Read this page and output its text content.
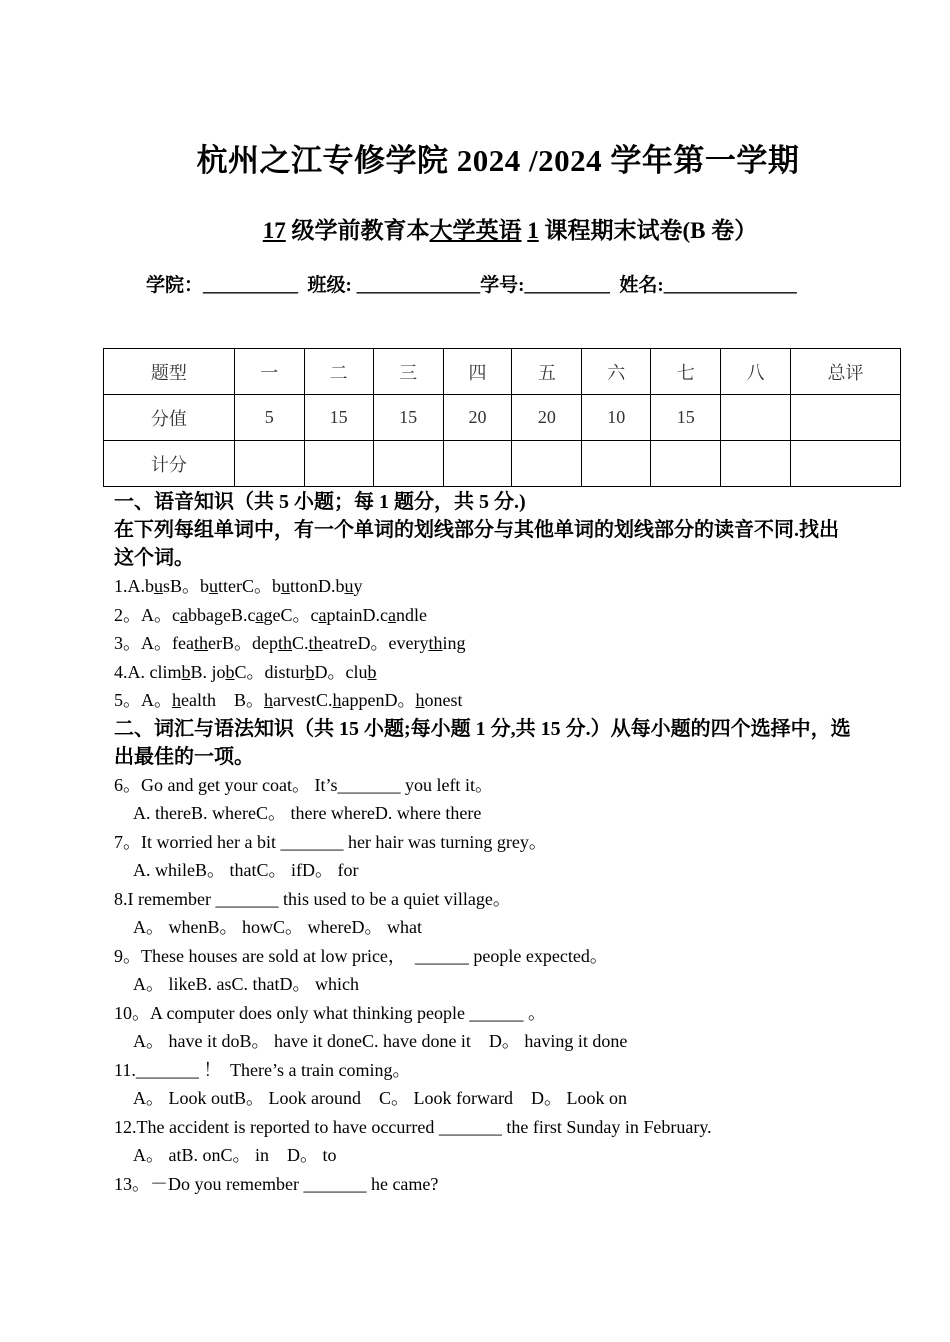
杭州之江专修学院 2024 /2024 学年第一学期
17 级学前教育本大学英语 1 课程期末试卷(B 卷）
学院：__________  班级: _____________学号:_________  姓名:______________
题型	一	二	三	四	五	六	七	八	总评
分值	5	15	15	20	20	10	15		
计分									
一、语音知识（共 5 小题；每 1 题分，共 5 分.)
在下列每组单词中，有一个单词的划线部分与其他单词的划线部分的读音不同.找出这个词。
1.A.busB。butterC。buttonD.buy
2。A。cabbageB.cageC。captainD.candle
3。A。featherB。depthC.theatreD。everything
4.A. climbB. jobC。disturbD。club
5。A。health    B。harvestC.happenD。honest
二、词汇与语法知识（共 15 小题;每小题 1 分,共 15 分.）从每小题的四个选择中，选出最佳的一项。
6。Go and get your coat。 It’s_______ you left it。
A. thereB. whereC。 there whereD. where there
7。It worried her a bit _______ her hair was turning grey。
A. whileB。 thatC。 ifD。 for
8.I remember _______ this used to be a quiet village。
A。 whenB。 howC。 whereD。 what
9。These houses are sold at low price，  ______ people expected。
A。 likeB. asC. thatD。 which
10。A computer does only what thinking people ______ 。
A。 have it doB。 have it doneC. have done it    D。 having it done
11._______ ！  There’s a train coming。
A。 Look outB。 Look around    C。 Look forward    D。 Look on
12.The accident is reported to have occurred _______ the first Sunday in February.
A。 atB. onC。 in    D。 to
13。－Do you remember _______ he came?
